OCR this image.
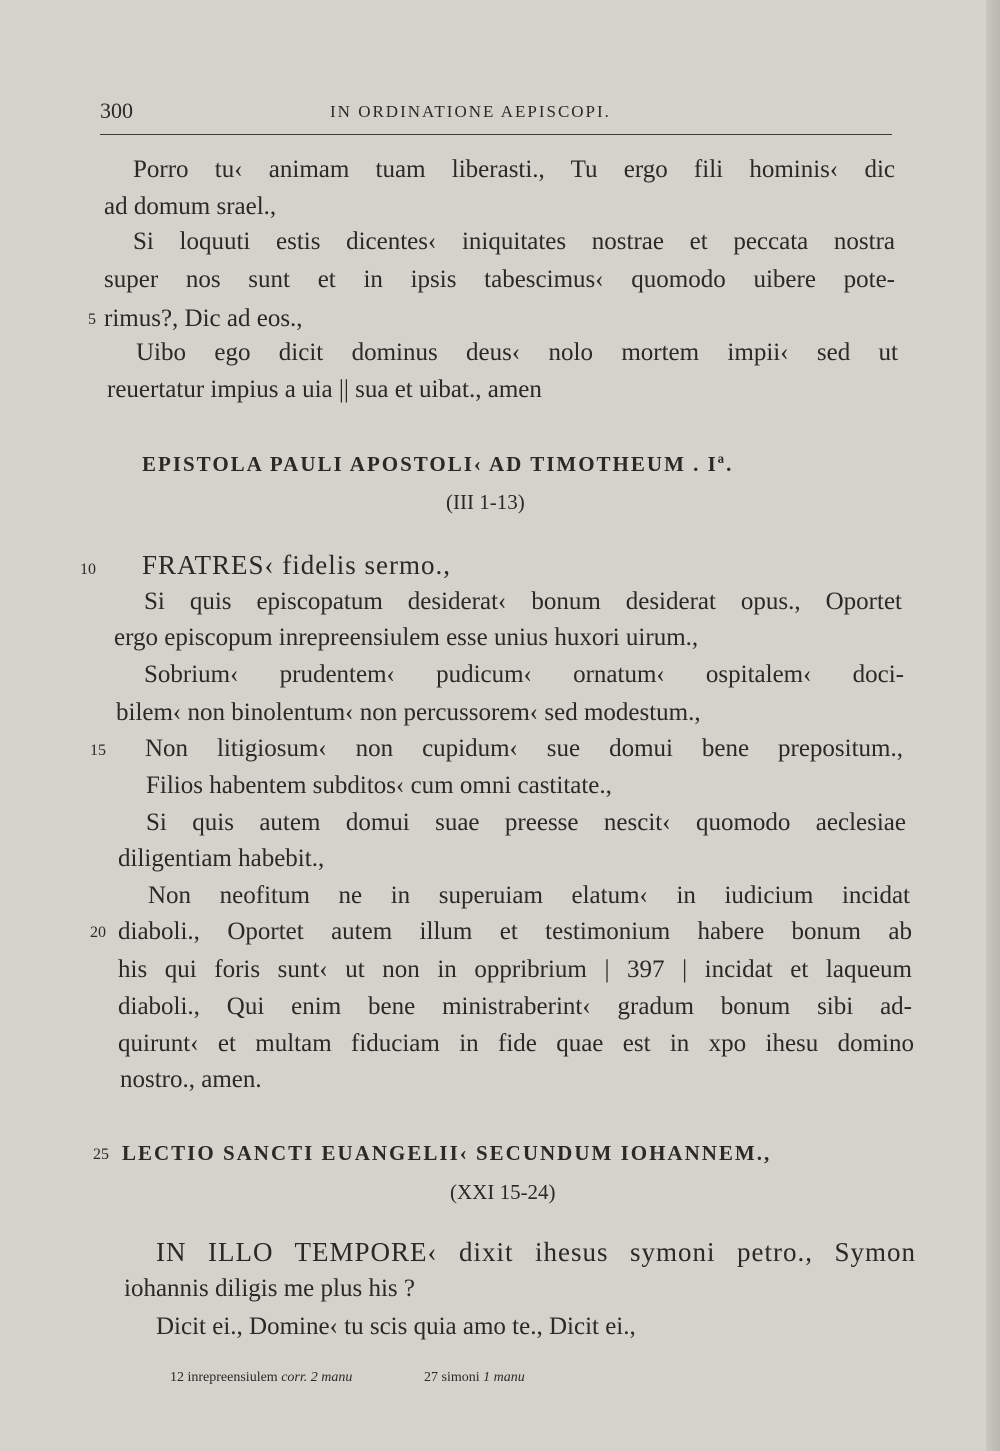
300	IN ORDINATIONE AEPISCOPI.
Porro tu‹ animam tuam liberasti., Tu ergo fili hominis‹ dic
ad domum srael.,
Si loquuti estis dicentes‹ iniquitates nostrae et peccata nostra
super nos sunt et in ipsis tabescimus‹ quomodo uibere pote-
5 rimus?, Dic ad eos.,
Uibo ego dicit dominus deus‹ nolo mortem impii‹ sed ut
reuertatur impius a uia || sua et uibat., amen
EPISTOLA PAULI APOSTOLI‹ AD TIMOTHEUM . Iª.
(III 1-13)
10 FRATRES‹ fidelis sermo.,
Si quis episcopatum desiderat‹ bonum desiderat opus., Oportet
ergo episcopum inrepreensiulem esse unius huxori uirum.,
Sobrium‹ prudentem‹ pudicum‹ ornatum‹ ospitalem‹ doci-
bilem‹ non binolentum‹ non percussorem‹ sed modestum.,
15 Non litigiosum‹ non cupidum‹ sue domui bene prepositum.,
Filios habentem subditos‹ cum omni castitate.,
Si quis autem domui suae preesse nescit‹ quomodo aeclesiae
diligentiam habebit.,
Non neofitum ne in superuiam elatum‹ in iudicium incidat
20 diaboli., Oportet autem illum et testimonium habere bonum ab
his qui foris sunt‹ ut non in oppribrium | 397 | incidat et laqueum
diaboli., Qui enim bene ministraberint‹ gradum bonum sibi ad-
quirunt‹ et multam fiduciam in fide quae est in xpo ihesu domino
nostro., amen.
25 LECTIO SANCTI EUANGELII‹ SECUNDUM IOHANNEM.,
(XXI 15-24)
IN ILLO TEMPORE‹ dixit ihesus symoni petro., Symon
iohannis diligis me plus his ?
Dicit ei., Domine‹ tu scis quia amo te., Dicit ei.,
12 inrepreensiulem corr. 2 manu	27 simoni 1 manu
